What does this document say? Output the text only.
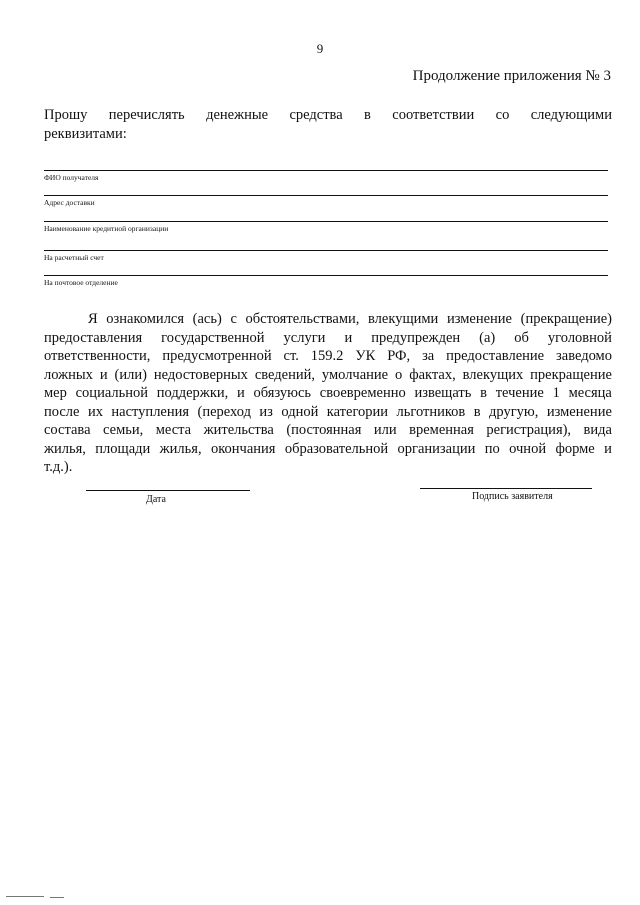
9
Продолжение приложения № 3
Прошу перечислять денежные средства в соответствии со следующими
реквизитами:
ФИО получателя
Адрес доставки
Наименование кредитной организации
На расчетный счет
На почтовое отделение
Я ознакомился (ась) с обстоятельствами, влекущими изменение (прекращение)
предоставления государственной услуги и предупрежден (а) об уголовной
ответственности, предусмотренной ст. 159.2 УК РФ, за предоставление заведомо
ложных и (или) недостоверных сведений, умолчание о фактах, влекущих прекращение
мер социальной поддержки, и обязуюсь своевременно извещать в течение 1 месяца
после их наступления (переход из одной категории льготников в другую, изменение
состава семьи, места жительства (постоянная или временная регистрация), вида
жилья, площади жилья, окончания образовательной организации по очной форме и
т.д.).
Дата	Подпись заявителя
